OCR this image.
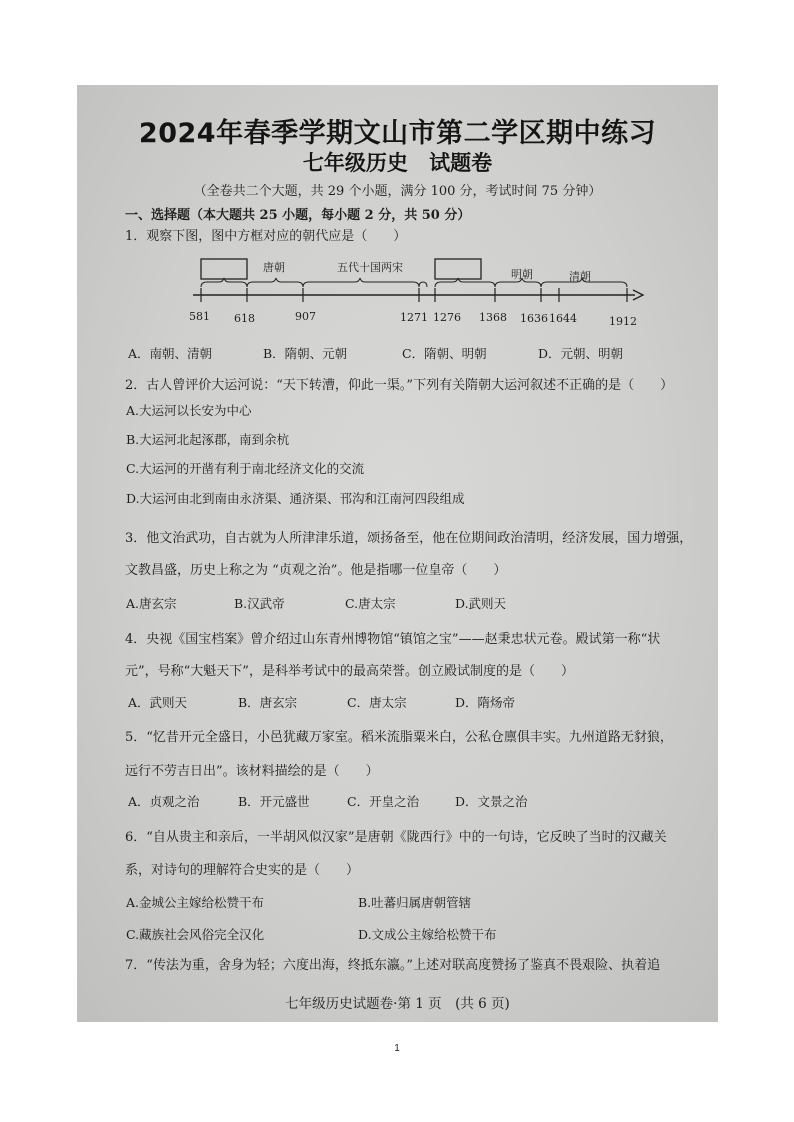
2024年春季学期文山市第二学区期中练习
七年级历史 试题卷
（全卷共二个大题，共 29 个小题，满分 100 分，考试时间 75 分钟）
一、选择题（本大题共 25 小题，每小题 2 分，共 50 分）
1．观察下图，图中方框对应的朝代应是（　　）
唐朝	五代十国两宋
明朝	清朝
581 618	907	1271 1276 1368 1636 1644	1912
A．南朝、清朝	B．隋朝、元朝	C．隋朝、明朝	D．元朝、明朝
2．古人曾评价大运河说：“天下转漕，仰此一渠。”下列有关隋朝大运河叙述不正确的是（　　）
A.大运河以长安为中心
B.大运河北起涿郡，南到余杭
C.大运河的开凿有利于南北经济文化的交流
D.大运河由北到南由永济渠、通济渠、邗沟和江南河四段组成
3．他文治武功，自古就为人所津津乐道，颂扬备至，他在位期间政治清明，经济发展，国力增强，
文教昌盛，历史上称之为 “贞观之治”。他是指哪一位皇帝（　　）
A.唐玄宗	B.汉武帝	C.唐太宗	D.武则天
4．央视《国宝档案》曾介绍过山东青州博物馆“镇馆之宝”——赵秉忠状元卷。殿试第一称“状
元”，号称“大魁天下”，是科举考试中的最高荣誉。创立殿试制度的是（　　）
A．武则天	B．唐玄宗	C．唐太宗	D．隋炀帝
5．“忆昔开元全盛日，小邑犹藏万家室。稻米流脂粟米白，公私仓廪俱丰实。九州道路无豺狼，
远行不劳吉日出”。该材料描绘的是（　　）
A．贞观之治	B．开元盛世	C．开皇之治	D．文景之治
6．“自从贵主和亲后，一半胡风似汉家”是唐朝《陇西行》中的一句诗，它反映了当时的汉藏关
系，对诗句的理解符合史实的是（　　）
A.金城公主嫁给松赞干布	B.吐蕃归属唐朝管辖
C.藏族社会风俗完全汉化	D.文成公主嫁给松赞干布
7．“传法为重，舍身为轻；六度出海，终抵东瀛。”上述对联高度赞扬了鉴真不畏艰险、执着追
七年级历史试题卷·第 1 页　(共 6 页)
1
